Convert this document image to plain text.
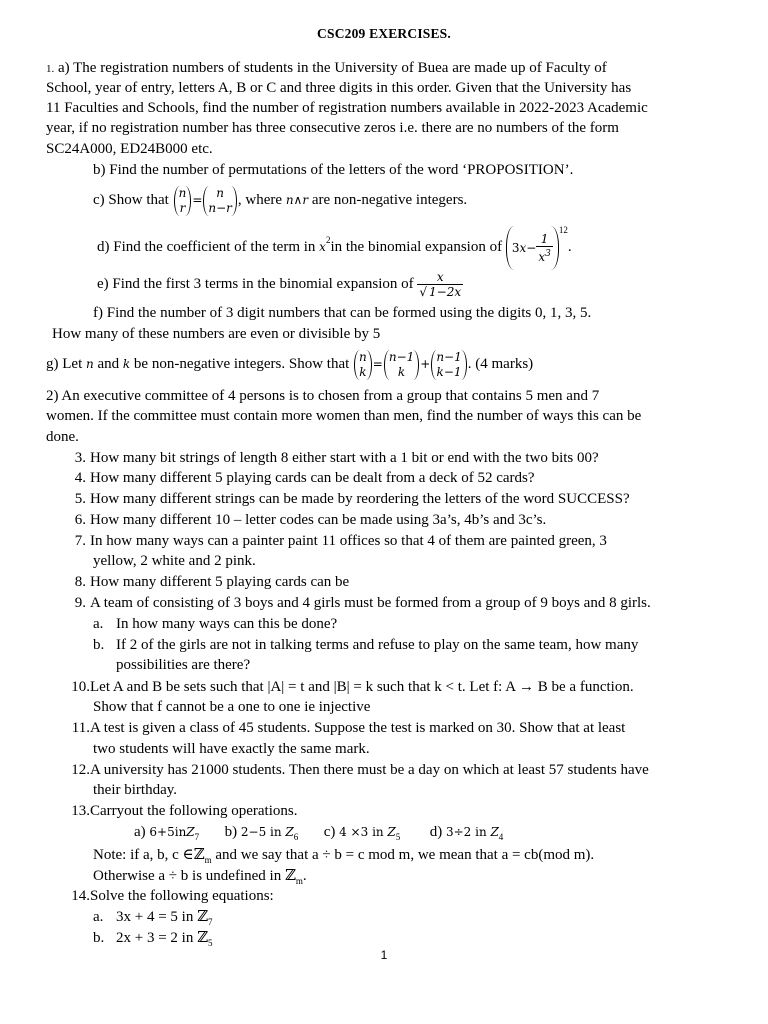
CSC209 EXERCISES.
1. a) The registration numbers of students in the University of Buea are made up of Faculty of
School, year of entry, letters A, B or C and three digits in this order. Given that the University has
11 Faculties and Schools, find the number of registration numbers available in 2022-2023 Academic
year, if no registration number has three consecutive zeros i.e. there are no numbers of the form
SC24A000, ED24B000 etc.
b) Find the number of permutations of the letters of the word ‘PROPOSITION’.
c) Show that n
r
=
n
n−r , where n∧r are non-negative integers.
d) Find the coefficient of the term in $x^2in$ the binomial expansion of $3x- \frac{1}{x^3}$
$^{12}$.
e) Find the first 3 terms in the binomial expansion of $\frac{x}{√ 1-2x}$
f) Find the number of 3 digit numbers that can be formed using the digits 0, 1, 3, 5.
How many of these numbers are even or divisible by 5
g) Let n and k be non-negative integers. Show that n
k
=
n−1
k
+
n−1
k−1 . (4 marks)
2) An executive committee of 4 persons is to chosen from a group that contains 5 men and 7
women. If the committee must contain more women than men, find the number of ways this can be
done.
3. How many bit strings of length 8 either start with a 1 bit or end with the two bits 00?
4. How many different 5 playing cards can be dealt from a deck of 52 cards?
5. How many different strings can be made by reordering the letters of the word SUCCESS?
6. How many different 10 – letter codes can be made using 3a’s, 4b’s and 3c’s.
7. In how many ways can a painter paint 11 offices so that 4 of them are painted green, 3
yellow, 2 white and 2 pink.
8. How many different 5 playing cards can be
9. A team of consisting of 3 boys and 4 girls must be formed from a group of 9 boys and 8 girls.
a. In how many ways can this be done?
b. If 2 of the girls are not in talking terms and refuse to play on the same team, how many
possibilities are there?
10.Let A and B be sets such that |A| = t and |B| = k such that k < t. Let f: A → B be a function.
Show that f cannot be a one to one ie injective
11.A test is given a class of 45 students. Suppose the test is marked on 30. Show that at least
two students will have exactly the same mark.
12.A university has 21000 students. Then there must be a day on which at least 57 students have
their birthday.
13.Carryout the following operations.
a) 6+5inZ$_7$ b) 2−5 in $Z_6$ c) 4 ×3 in $Z_5$ d) 3÷2 in $Z_4$
Note: if a, b, c ∈ℤ$_m$ and we say that a ÷ b = c mod m, we mean that a = cb(mod m).
Otherwise a ÷ b is undefined in ℤ$_m$.
14.Solve the following equations:
a. 3x + 4 = 5 in ℤ$_7$
b. 2x + 3 = 2 in ℤ$_5$
1
